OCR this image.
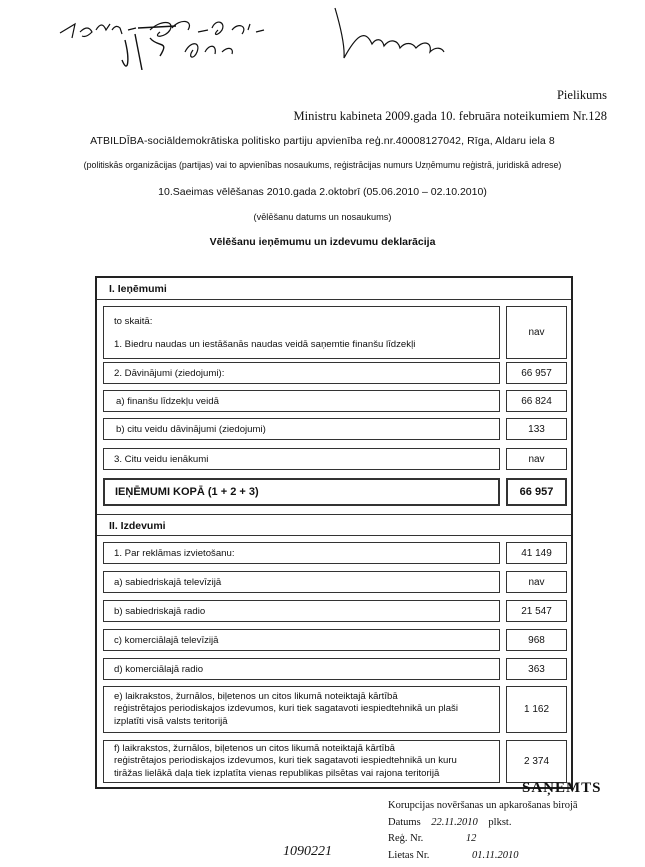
Labots: 22.11.2010.
Pielikums
Ministru kabineta 2009.gada 10. februāra noteikumiem Nr.128
ATBILDĪBA-sociāldemokrātiska politisko partiju apvienība reģ.nr.40008127042, Rīga, Aldaru iela 8
(politiskās organizācijas (partijas) vai to apvienības nosaukums, reģistrācijas numurs Uzņēmumu reģistrā, juridiskā adrese)
10.Saeimas vēlēšanas 2010.gada 2.oktobrī (05.06.2010 – 02.10.2010)
(vēlēšanu datums un nosaukums)
Vēlēšanu ieņēmumu un izdevumu deklarācija
I. Ieņēmumi
to skaitā:
1. Biedru naudas un iestāšanās naudas veidā saņemtie finanšu līdzekļi
nav
2. Dāvinājumi (ziedojumi):	66 957
a) finanšu līdzekļu veidā	66 824
b) citu veidu dāvinājumi (ziedojumi)	133
3. Citu veidu ienākumi	nav
IEŅĒMUMI KOPĀ (1 + 2 + 3)	66 957
II. Izdevumi
1. Par reklāmas izvietošanu:	41 149
a) sabiedriskajā televīzijā	nav
b) sabiedriskajā radio	21 547
c) komerciālajā televīzijā	968
d) komerciālajā radio	363
e) laikrakstos, žurnālos, biļetenos un citos likumā noteiktajā kārtībā
reģistrētajos periodiskajos izdevumos, kuri tiek sagatavoti iespiedtehnikā un plaši
izplatīti visā valsts teritorijā
1 162
f) laikrakstos, žurnālos, biļetenos un citos likumā noteiktajā kārtībā
reģistrētajos periodiskajos izdevumos, kuri tiek sagatavoti iespiedtehnikā un kuru
tirāžas lielākā daļa tiek izplatīta vienas republikas pilsētas vai rajona teritorijā
2 374
SAŅEMTS
Korupcijas novēršanas un apkarošanas birojā
Datums 22.11.2010 plkst.
Reģ. Nr.	12
Lietas Nr.	01.11.2010
1090221
